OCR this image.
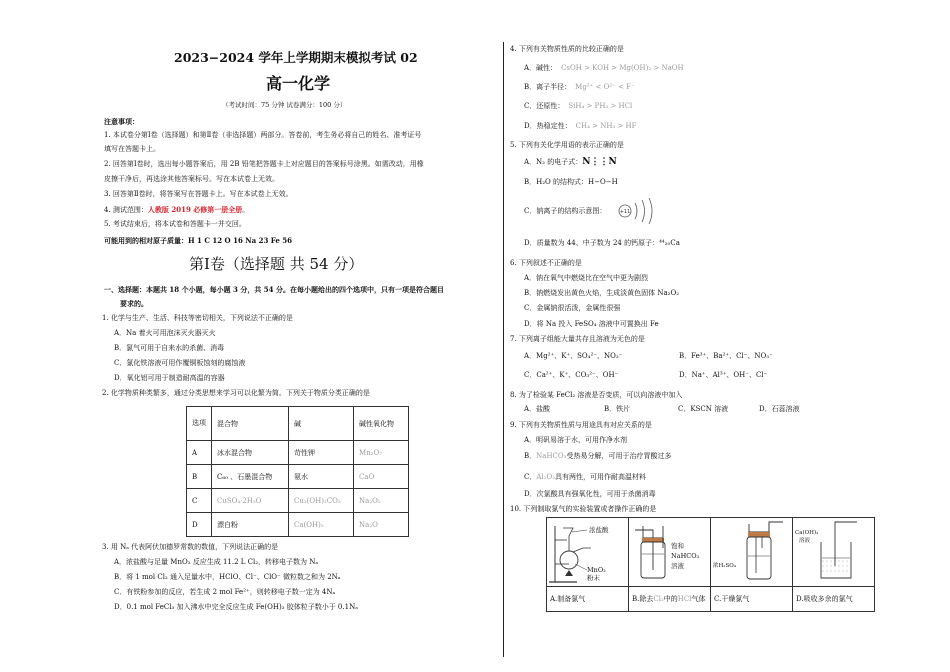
2023−2024 学年上学期期末模拟考试 02
高一化学
（考试时间：75 分钟 试卷满分：100 分）
注意事项：
1. 本试卷分第Ⅰ卷（选择题）和第Ⅱ卷（非选择题）两部分。答卷前，考生务必将自己的姓名、准考证号
填写在答题卡上。
2. 回答第Ⅰ卷时，选出每小题答案后，用 2B 铅笔把答题卡上对应题目的答案标号涂黑。如需改动，用橡
皮擦干净后，再选涂其他答案标号。写在本试卷上无效。
3. 回答第Ⅱ卷时，将答案写在答题卡上。写在本试卷上无效。
4. 测试范围：人教版 2019 必修第一册全册。
5. 考试结束后，将本试卷和答题卡一并交回。
可能用到的相对原子质量：H 1 C 12 O 16 Na 23 Fe 56
第Ⅰ卷（选择题 共 54 分）
一、选择题：本题共 18 个小题，每小题 3 分，共 54 分。在每小题给出的四个选项中，只有一项是符合题目
要求的。
1. 化学与生产、生活、科技等密切相关，下列说法不正确的是
A．Na 着火可用泡沫灭火器灭火
B．氯气可用于自来水的杀菌、消毒
C．氯化铁溶液可用作覆铜板蚀刻的腐蚀液
D．氧化铝可用于制造耐高温的容器
2. 化学物质种类繁多，通过分类思想来学习可以化繁为简。下列关于物质分类正确的是
选项	混合物	碱	碱性氧化物
A	冰水混合物	苛性钾	Mn₂O₇
B	C₆₀ 、石墨混合物	氨水	CaO
C	CuSO₄·2H₂O	Cu₂(OH)₂CO₃	Na₂O₂
D	漂白粉	Ca(OH)₂	Na₂O
3. 用 Nₐ 代表阿伏加德罗常数的数值，下列说法正确的是
A．浓盐酸与足量 MnO₂ 反应生成 11.2 L Cl₂，转移电子数为 Nₐ
B．将 1 mol Cl₂ 通入足量水中，HClO、Cl⁻、ClO⁻ 微粒数之和为 2Nₐ
C．有铁粉参加的反应，若生成 2 mol Fe²⁺，则转移电子数一定为 4Nₐ
D．0.1 mol FeCl₃ 加入沸水中完全反应生成 Fe(OH)₃ 胶体粒子数小于 0.1Nₐ
4. 下列有关物质性质的比较正确的是
A．碱性： CsOH > KOH > Mg(OH)₂ > NaOH
B．离子半径： Mg²⁺ < O²⁻ < F⁻
C．还原性： SiH₄ > PH₃ > HCl
D．热稳定性： CH₄ > NH₃ > HF
5. 下列有关化学用语的表示正确的是
A．N₂ 的电子式：N⋮⋮N
B．H₂O 的结构式：H−O−H
C．钠离子的结构示意图：	+11
D．质量数为 44、中子数为 24 的钙原子：⁴⁴₂₀Ca
6. 下列叙述不正确的是
A．钠在氧气中燃烧比在空气中更为剧烈
B．钠燃烧发出黄色火焰，生成淡黄色固体 Na₂O₂
C．金属钠很活泼，金属性很强
D．将 Na 投入 FeSO₄ 溶液中可置换出 Fe
7. 下列离子组能大量共存且溶液为无色的是
A．Mg²⁺、K⁺、SO₄²⁻、NO₃⁻	B．Fe³⁺、Ba²⁺、Cl⁻、NO₃⁻
C．Ca²⁺、K⁺、CO₃²⁻、OH⁻	D．Na⁺、Al³⁺、OH⁻、Cl⁻
8. 为了检验某 FeCl₂ 溶液是否变质，可以向溶液中加入
A．盐酸	B．铁片	C．KSCN 溶液	D．石蕊溶液
9. 下列有关物质性质与用途具有对应关系的是
A．明矾易溶于水，可用作净水剂
B．NaHCO₃受热易分解，可用于治疗胃酸过多
C．Al₂O₃具有两性，可用作耐高温材料
D．次氯酸具有强氧化性，可用于杀菌消毒
10. 下列制取氯气的实验装置或者操作正确的是
浓盐酸
MnO₂
粉末	饱和
NaHCO₃
溶液	浓H₂SO₄	Ca(OH)₂
溶液

A.制备氯气	B.除去Cl₂中的HCl气体	C.干燥氯气	D.吸收多余的氯气
